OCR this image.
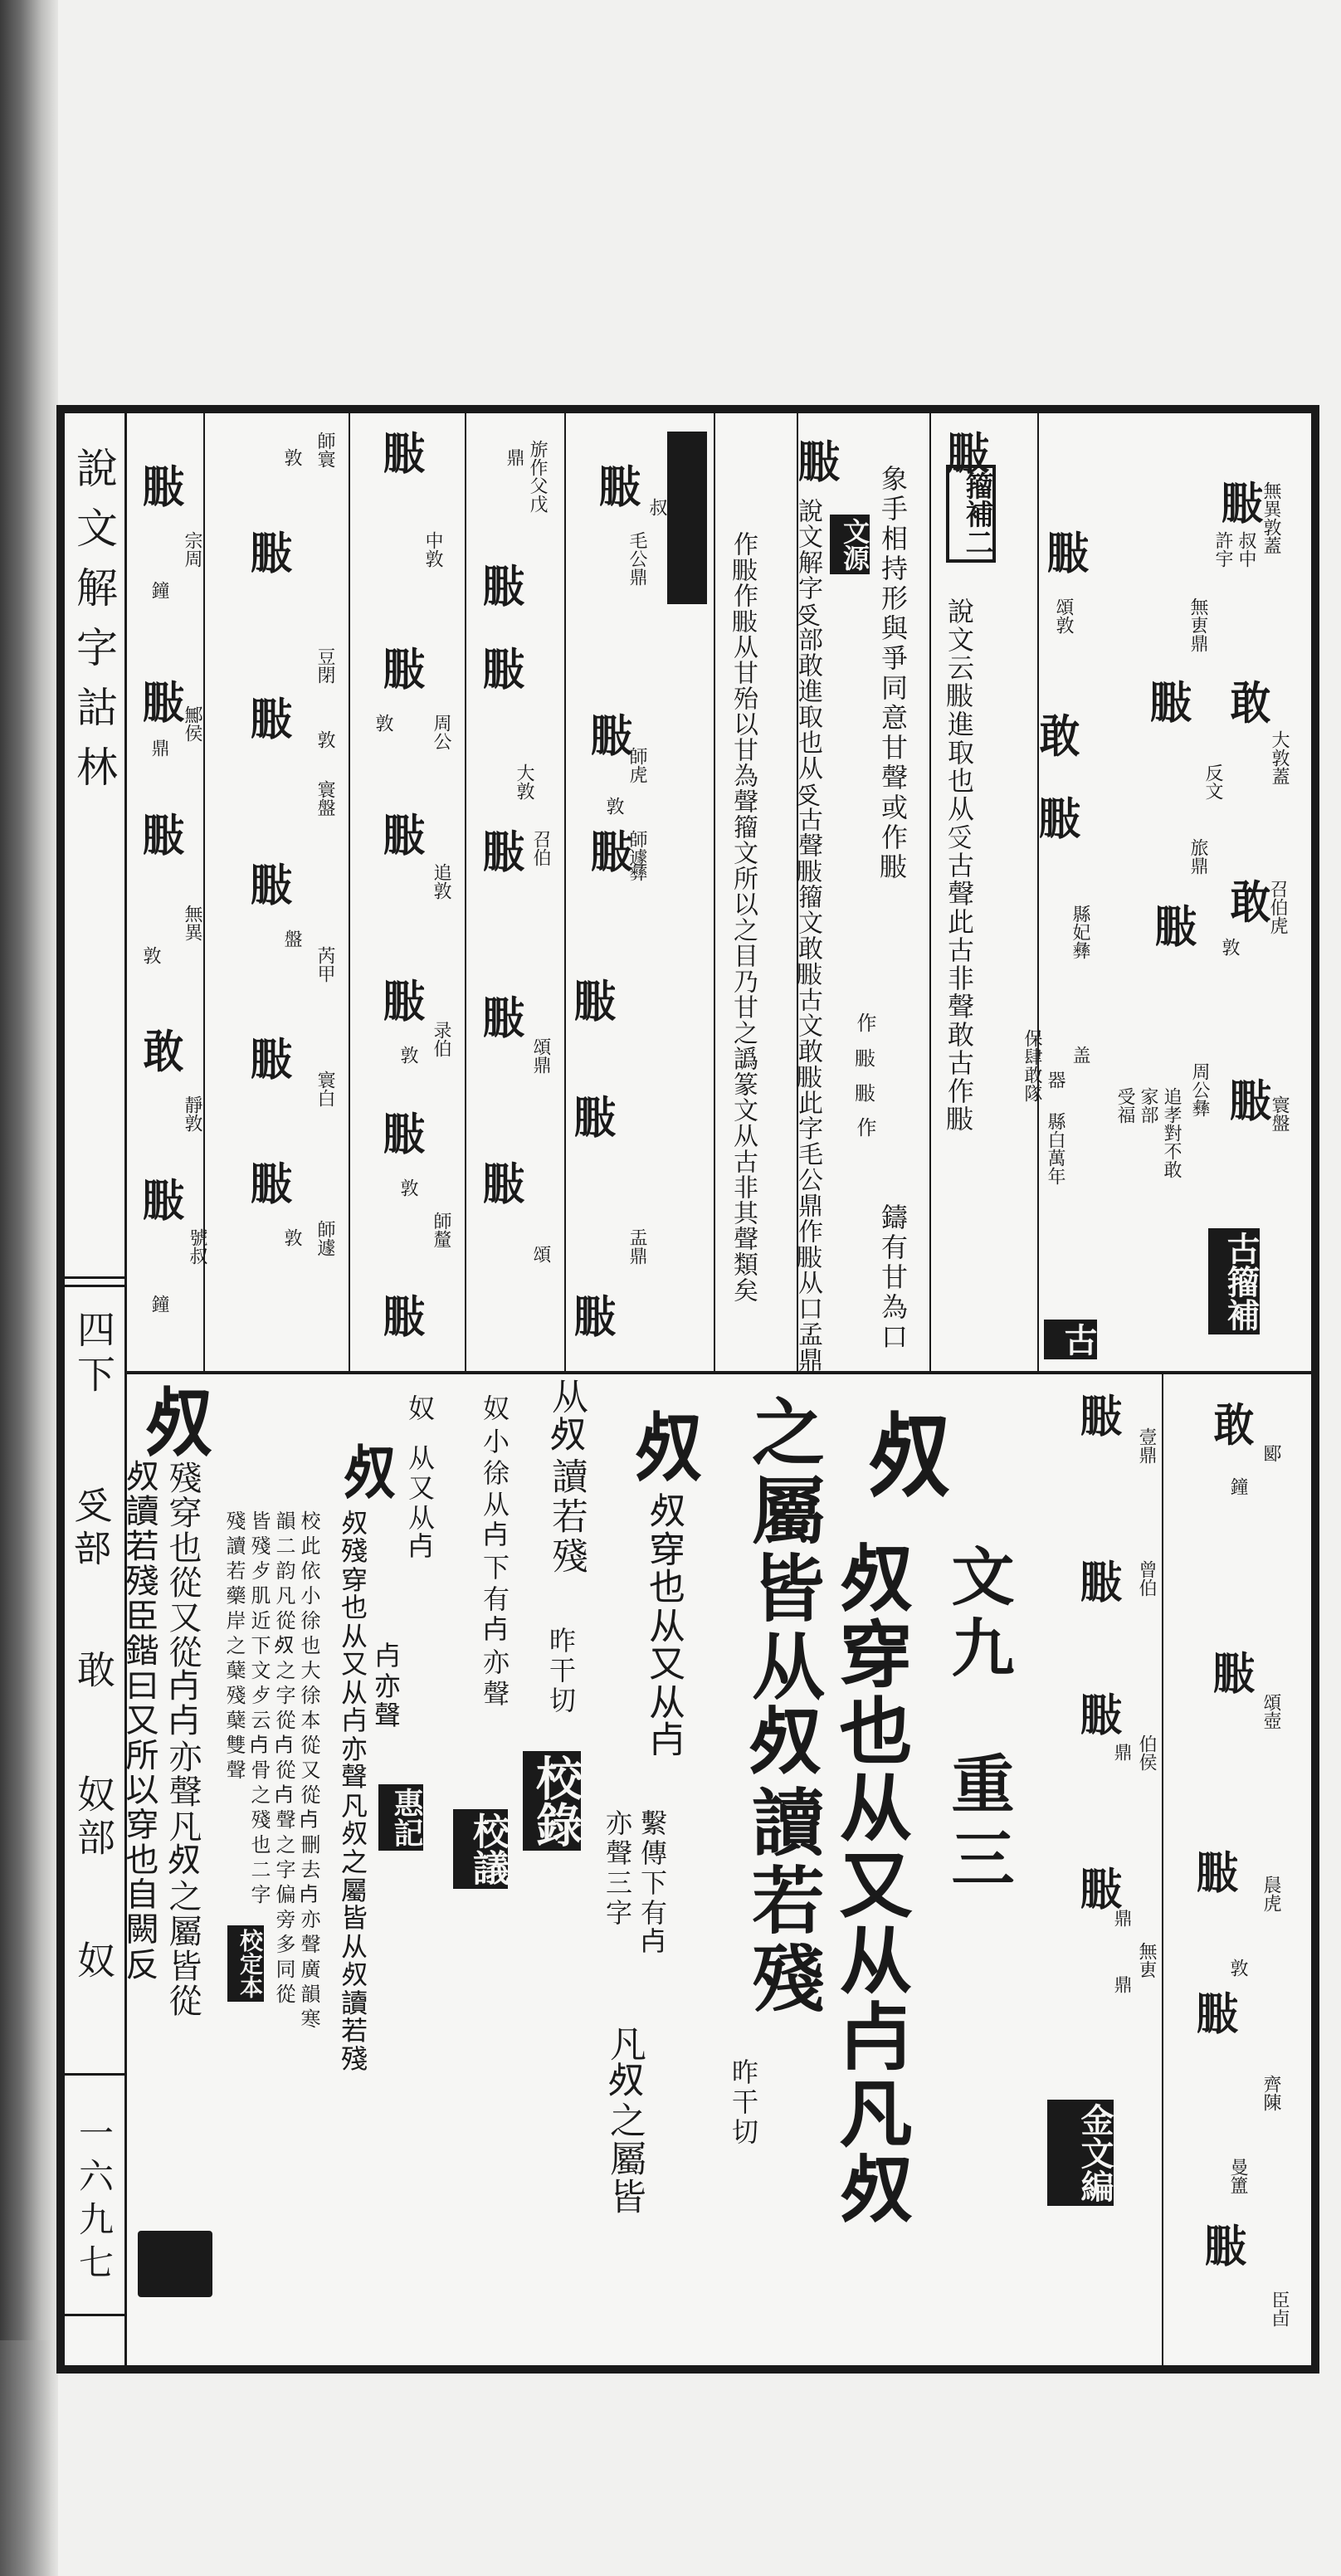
說文解字詁林
四下
𠬪部
敢
奴部
奴
一六九七
古籀補
古
𢽩
無異敦蓋
叔中
許宇
𢽩
無叀鼎
敢
大敦蓋
反文
𢽩
旅鼎
敢
召伯虎
敦
𢽩
寰盤
周公彝
追孝對不敢
家部
受福
籀補二 𢽩
頌敦
敢
𢽩
縣妃彝
盖
器
縣白萬年
保肆敢隊
𢽩
說文云𢽩進取也从𠬪古聲此古非聲敢古作𢽩
象手相持形與爭同意甘聲或作𢽩
作𢽩𢽩作
鑄有甘為口
文源
𢽩
說文解字𠬪部敢進取也从𠬪古聲𢽩籀文敢𢽩古文敢𢽩此字毛公鼎作𢽩从口孟鼎
作𢽩作𢽩从甘殆以甘為聲籀文所以之目乃甘之譌篆文从古非其聲類矣
𢽩 叔
毛公鼎
𢽩
師虎
敦
𢽩
彝
師遽
𢽩
𢽩
盂鼎
𢽩
旂作父戊
鼎
𢽩
𢽩
大敦
𢽩 召伯
𢽩
頌鼎
𢽩
頌
𢽩
中敦
𢽩
周公
敦
𢽩
追敦
𢽩
敦 录伯
𢽩
敦
師釐
𢽩
師寰
敦
𢽩
豆閉
敦
𢽩
寰盤
𢽩
盤
芮甲
𢽩
寰白
𢽩
敦 師遽
𢽩
宗周
鐘
𢽩
鄦侯
鼎
𢽩
無異
敦
敢
靜敦
𢽩
號叔
鐘
敢
郾
鐘
𢽩
頌壺
𢽩 䢅虎
敦
𢽩
齊陳
曼簠
𢽩
臣卣
𢽩
壹鼎
𢽩 曾伯
𢽩
鼎 伯侯
𢽩
鼎
無叀
鼎
金文編
文九
重三
𣦼
𣦼穿也从又从𣦵凡𣦼
之屬皆从𣦼讀若殘
昨干切
𣦼
𣦼穿也从又从𣦵
繫傳下有𣦵
亦聲三字
凡𣦼之屬皆
从𣦼讀若殘
昨干切
校錄
小徐从𣦵下有𣦵亦聲
奴
校議
奴
从又从𣦵
𣦵亦聲
惠記
𣦼
𣦼殘穿也从又从𣦵亦聲凡𣦼之屬皆从𣦼讀若殘
校此依小徐也大徐本從又從𣦵刪去𣦵亦聲廣韻寒
韻二韵凡從𣦼之字從𣦵從𣦵聲之字偏旁多同從
皆殘歺肌近下文歺云𣦵骨之殘也二字
殘讀若藥岸之蘖殘蘖雙聲
校定本
𣦼
殘穿也從又從𣦵𣦵亦聲凡𣦼之屬皆從
𣦼讀若殘臣鍇曰又所以穿也自闕反
